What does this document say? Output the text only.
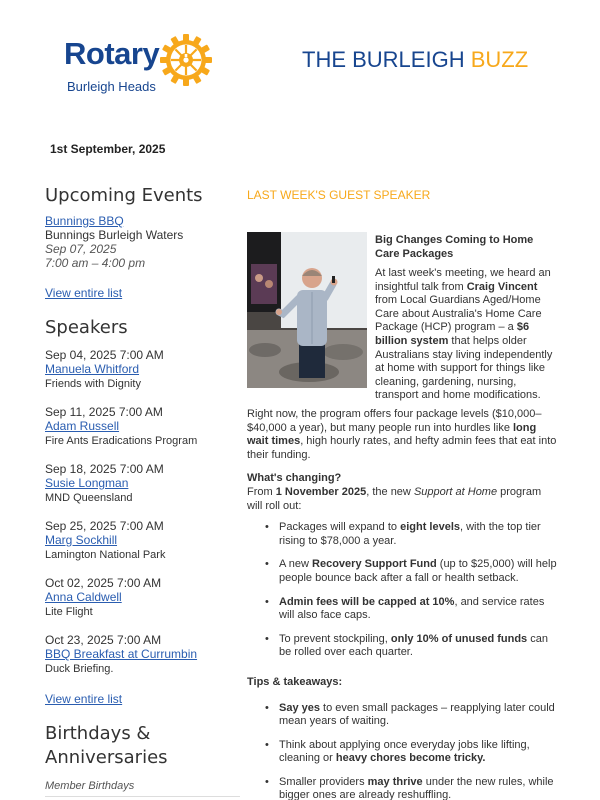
Rotary
Burleigh Heads
THE BURLEIGH BUZZ
1st September, 2025
Upcoming Events
Bunnings BBQ
Bunnings Burleigh Waters
Sep 07, 2025
7:00 am – 4:00 pm
View entire list
Speakers
Sep 04, 2025 7:00 AM
Manuela Whitford
Friends with Dignity
Sep 11, 2025 7:00 AM
Adam Russell
Fire Ants Eradications Program
Sep 18, 2025 7:00 AM
Susie Longman
MND Queensland
Sep 25, 2025 7:00 AM
Marg Sockhill
Lamington National Park
Oct 02, 2025 7:00 AM
Anna Caldwell
Lite Flight
Oct 23, 2025 7:00 AM
BBQ Breakfast at Currumbin
Duck Briefing.
View entire list
Birthdays &
Anniversaries
Member Birthdays
LAST WEEK'S GUEST SPEAKER
Big Changes Coming to Home Care Packages
At last week's meeting, we heard an insightful talk from Craig Vincent from Local Guardians Aged/Home Care about Australia's Home Care Package (HCP) program – a $6 billion system that helps older Australians stay living independently at home with support for things like cleaning, gardening, nursing, transport and home modifications.

Right now, the program offers four package levels ($10,000–$40,000 a year), but many people run into hurdles like long wait times, high hourly rates, and hefty admin fees that eat into their funding.

What's changing?
From 1 November 2025, the new Support at Home program will roll out:

• Packages will expand to eight levels, with the top tier rising to $78,000 a year.
• A new Recovery Support Fund (up to $25,000) will help people bounce back after a fall or health setback.
• Admin fees will be capped at 10%, and service rates will also face caps.
• To prevent stockpiling, only 10% of unused funds can be rolled over each quarter.

Tips & takeaways:

• Say yes to even small packages – reapplying later could mean years of waiting.
• Think about applying once everyday jobs like lifting, cleaning or heavy chores become tricky.
• Smaller providers may thrive under the new rules, while bigger ones are already reshuffling.
